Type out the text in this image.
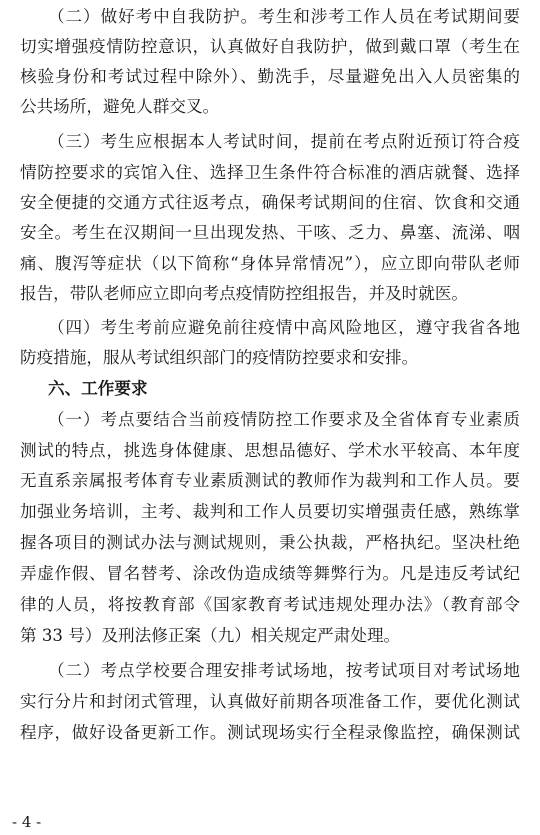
（二）做好考中自我防护。考生和涉考工作人员在考试期间要
切实增强疫情防控意识，认真做好自我防护，做到戴口罩（考生在
核验身份和考试过程中除外）、勤洗手，尽量避免出入人员密集的
公共场所，避免人群交叉。
（三）考生应根据本人考试时间，提前在考点附近预订符合疫
情防控要求的宾馆入住、选择卫生条件符合标准的酒店就餐、选择
安全便捷的交通方式往返考点，确保考试期间的住宿、饮食和交通
安全。考生在汉期间一旦出现发热、干咳、乏力、鼻塞、流涕、咽
痛、腹泻等症状（以下简称“身体异常情况”），应立即向带队老师
报告，带队老师应立即向考点疫情防控组报告，并及时就医。
（四）考生考前应避免前往疫情中高风险地区，遵守我省各地
防疫措施，服从考试组织部门的疫情防控要求和安排。
六、工作要求
（一）考点要结合当前疫情防控工作要求及全省体育专业素质
测试的特点，挑选身体健康、思想品德好、学术水平较高、本年度
无直系亲属报考体育专业素质测试的教师作为裁判和工作人员。要
加强业务培训，主考、裁判和工作人员要切实增强责任感，熟练掌
握各项目的测试办法与测试规则，秉公执裁，严格执纪。坚决杜绝
弄虚作假、冒名替考、涂改伪造成绩等舞弊行为。凡是违反考试纪
律的人员，将按教育部《国家教育考试违规处理办法》（教育部令
第 33 号）及刑法修正案（九）相关规定严肃处理。
（二）考点学校要合理安排考试场地，按考试项目对考试场地
实行分片和封闭式管理，认真做好前期各项准备工作，要优化测试
程序，做好设备更新工作。测试现场实行全程录像监控，确保测试
- 4 -
